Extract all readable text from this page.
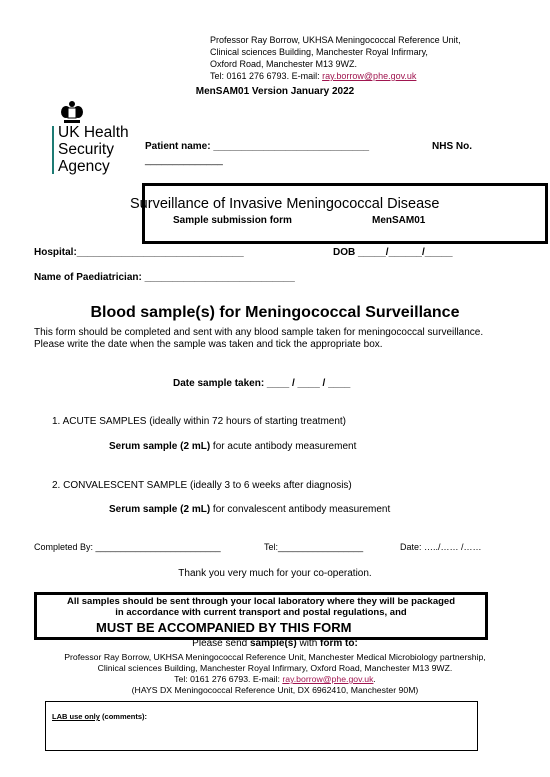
Professor Ray Borrow, UKHSA Meningococcal Reference Unit,
Clinical sciences Building, Manchester Royal Infirmary,
Oxford Road, Manchester M13 9WZ.
Tel: 0161 276 6793. E-mail: ray.borrow@phe.gov.uk
MenSAM01 Version January 2022
UK Health
Security
Agency
Patient name: ____________________________	NHS No.
______________
Surveillance of Invasive Meningococcal Disease
Sample submission form	MenSAM01
Hospital:______________________________	DOB _____/______/_____
Name of Paediatrician: ___________________________
Blood sample(s) for Meningococcal Surveillance
This form should be completed and sent with any blood sample taken for meningococcal surveillance.
Please write the date when the sample was taken and tick the appropriate box.
Date sample taken: ____ / ____ / ____
1. ACUTE SAMPLES (ideally within 72 hours of starting treatment)
Serum sample (2 mL) for acute antibody measurement
2. CONVALESCENT SAMPLE (ideally 3 to 6 weeks after diagnosis)
Serum sample (2 mL) for convalescent antibody measurement
Completed By: _________________________	Tel:_________________	Date: …../…… /……
Thank you very much for your co-operation.
All samples should be sent through your local laboratory where they will be packaged
in accordance with current transport and postal regulations, and
MUST BE ACCOMPANIED BY THIS FORM
Please send sample(s) with form to:
Professor Ray Borrow, UKHSA Meningococcal Reference Unit, Manchester Medical Microbiology partnership,
Clinical sciences Building, Manchester Royal Infirmary, Oxford Road, Manchester M13 9WZ.
Tel: 0161 276 6793. E-mail: ray.borrow@phe.gov.uk.
(HAYS DX Meningococcal Reference Unit, DX 6962410, Manchester 90M)
LAB use only (comments):
